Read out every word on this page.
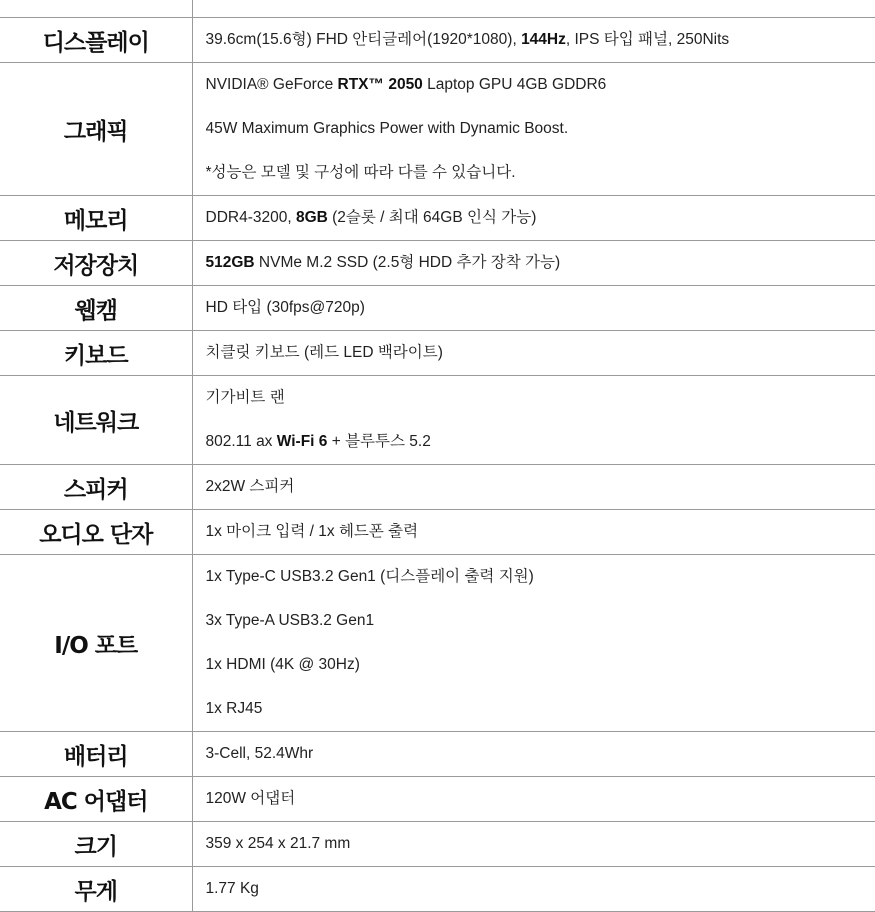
디스플레이	39.6cm(15.6형) FHD 안티글레어(1920*1080), 144Hz, IPS 타입 패널, 250Nits

그래픽	NVIDIA® GeForce RTX™ 2050 Laptop GPU 4GB GDDR6
45W Maximum Graphics Power with Dynamic Boost.
*성능은 모델 및 구성에 따라 다를 수 있습니다.

메모리	DDR4-3200, 8GB (2슬롯 / 최대 64GB 인식 가능)

저장장치	512GB NVMe M.2 SSD (2.5형 HDD 추가 장착 가능)

웹캠	HD 타입 (30fps@720p)

키보드	치클릿 키보드 (레드 LED 백라이트)

네트워크	기가비트 랜
802.11 ax Wi-Fi 6 + 블루투스 5.2

스피커	2x2W 스피커

오디오 단자	1x 마이크 입력 / 1x 헤드폰 출력

I/O 포트	1x Type-C USB3.2 Gen1 (디스플레이 출력 지원)
3x Type-A USB3.2 Gen1
1x HDMI (4K @ 30Hz)
1x RJ45

배터리	3-Cell, 52.4Whr

AC 어댑터	120W 어댑터

크기	359 x 254 x 21.7 mm

무게	1.77 Kg
